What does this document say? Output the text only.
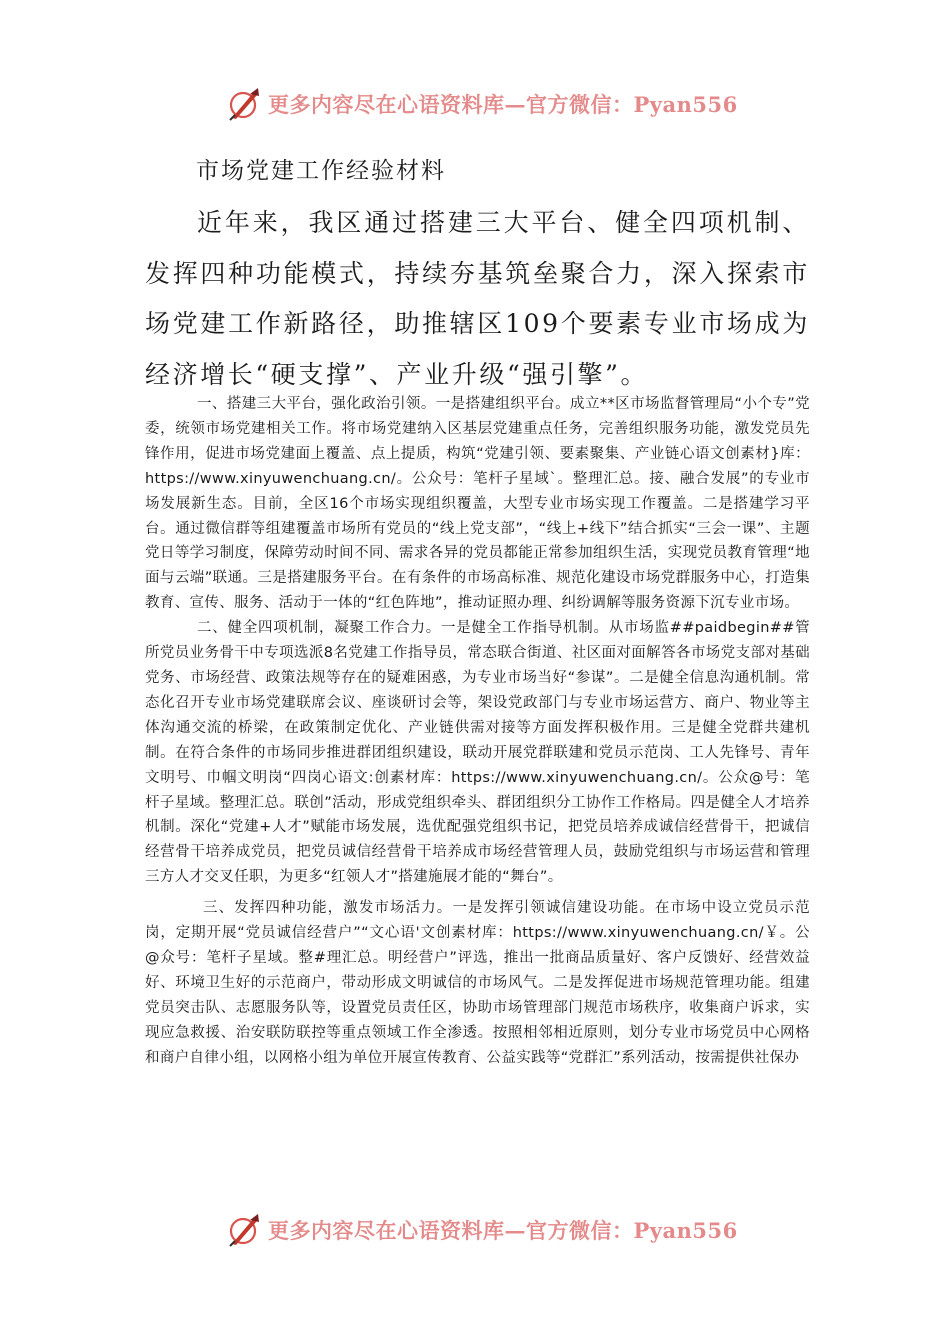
更多内容尽在心语资料库—官方微信：Pyan556
市场党建工作经验材料

近年来，我区通过搭建三大平台、健全四项机制、发挥四种功能模式，持续夯基筑垒聚合力，深入探索市场党建工作新路径，助推辖区109个要素专业市场成为经济增长“硬支撑”、产业升级“强引擎”。

一、搭建三大平台，强化政治引领。一是搭建组织平台。成立**区市场监督管理局“小个专”党委，统领市场党建相关工作。将市场党建纳入区基层党建重点任务，完善组织服务功能，激发党员先锋作用，促进市场党建面上覆盖、点上提质，构筑“党建引领、要素聚集、产业链心语文创素材}库：https://www.xinyuwenchuang.cn/。公众号：笔杆子星域`。整理汇总。接、融合发展”的专业市场发展新生态。目前，全区16个市场实现组织覆盖，大型专业市场实现工作覆盖。二是搭建学习平台。通过微信群等组建覆盖市场所有党员的“线上党支部”，“线上+线下”结合抓实“三会一课”、主题党日等学习制度，保障劳动时间不同、需求各异的党员都能正常参加组织生活，实现党员教育管理“地面与云端”联通。三是搭建服务平台。在有条件的市场高标准、规范化建设市场党群服务中心，打造集教育、宣传、服务、活动于一体的“红色阵地”，推动证照办理、纠纷调解等服务资源下沉专业市场。

二、健全四项机制，凝聚工作合力。一是健全工作指导机制。从市场监##paidbegin##管所党员业务骨干中专项选派8名党建工作指导员，常态联合街道、社区面对面解答各市场党支部对基础党务、市场经营、政策法规等存在的疑难困惑，为专业市场当好“参谋”。二是健全信息沟通机制。常态化召开专业市场党建联席会议、座谈研讨会等，架设党政部门与专业市场运营方、商户、物业等主体沟通交流的桥梁，在政策制定优化、产业链供需对接等方面发挥积极作用。三是健全党群共建机制。在符合条件的市场同步推进群团组织建设，联动开展党群联建和党员示范岗、工人先锋号、青年文明号、巾帼文明岗“四岗心语文:创素材库：https://www.xinyuwenchuang.cn/。公众@号：笔杆子星域。整理汇总。联创”活动，形成党组织牵头、群团组织分工协作工作格局。四是健全人才培养机制。深化“党建+人才”赋能市场发展，选优配强党组织书记，把党员培养成诚信经营骨干，把诚信经营骨干培养成党员，把党员诚信经营骨干培养成市场经营管理人员，鼓励党组织与市场运营和管理三方人才交叉任职，为更多“红领人才”搭建施展才能的“舞台”。

三、发挥四种功能，激发市场活力。一是发挥引领诚信建设功能。在市场中设立党员示范岗，定期开展“党员诚信经营户”“文心语'文创素材库：https://www.xinyuwenchuang.cn/￥。公@众号：笔杆子星域。整#理汇总。明经营户”评选，推出一批商品质量好、客户反馈好、经营效益好、环境卫生好的示范商户，带动形成文明诚信的市场风气。二是发挥促进市场规范管理功能。组建党员突击队、志愿服务队等，设置党员责任区，协助市场管理部门规范市场秩序，收集商户诉求，实现应急救援、治安联防联控等重点领域工作全渗透。按照相邻相近原则，划分专业市场党员中心网格和商户自律小组，以网格小组为单位开展宣传教育、公益实践等“党群汇”系列活动，按需提供社保办

更多内容尽在心语资料库—官方微信：Pyan556
